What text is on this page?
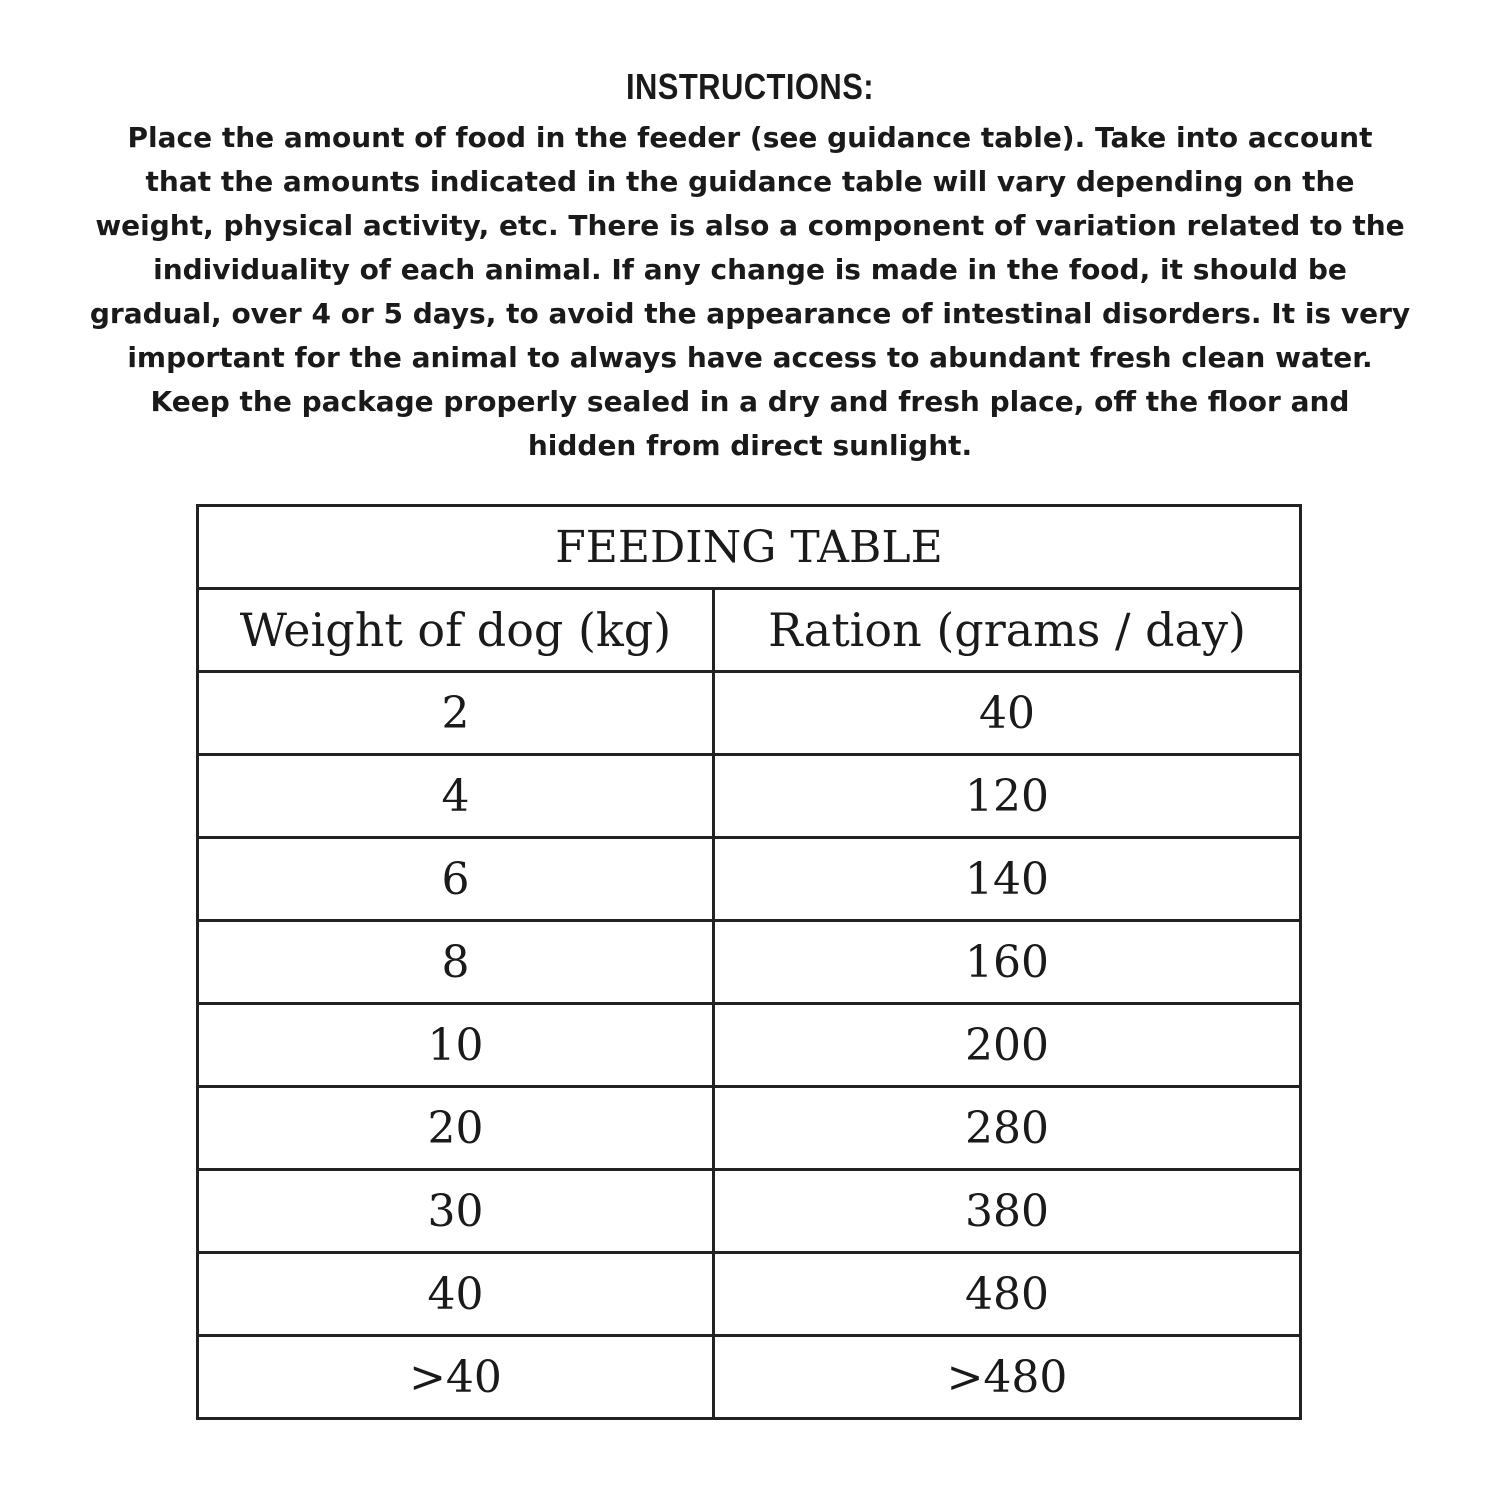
INSTRUCTIONS:
Place the amount of food in the feeder (see guidance table). Take into account
that the amounts indicated in the guidance table will vary depending on the
weight, physical activity, etc. There is also a component of variation related to the
individuality of each animal. If any change is made in the food, it should be
gradual, over 4 or 5 days, to avoid the appearance of intestinal disorders. It is very
important for the animal to always have access to abundant fresh clean water.
Keep the package properly sealed in a dry and fresh place, off the floor and
hidden from direct sunlight.
FEEDING TABLE	
Weight of dog (kg)	Ration (grams / day)
2	40
4	120
6	140
8	160
10	200
20	280
30	380
40	480
>40	>480
